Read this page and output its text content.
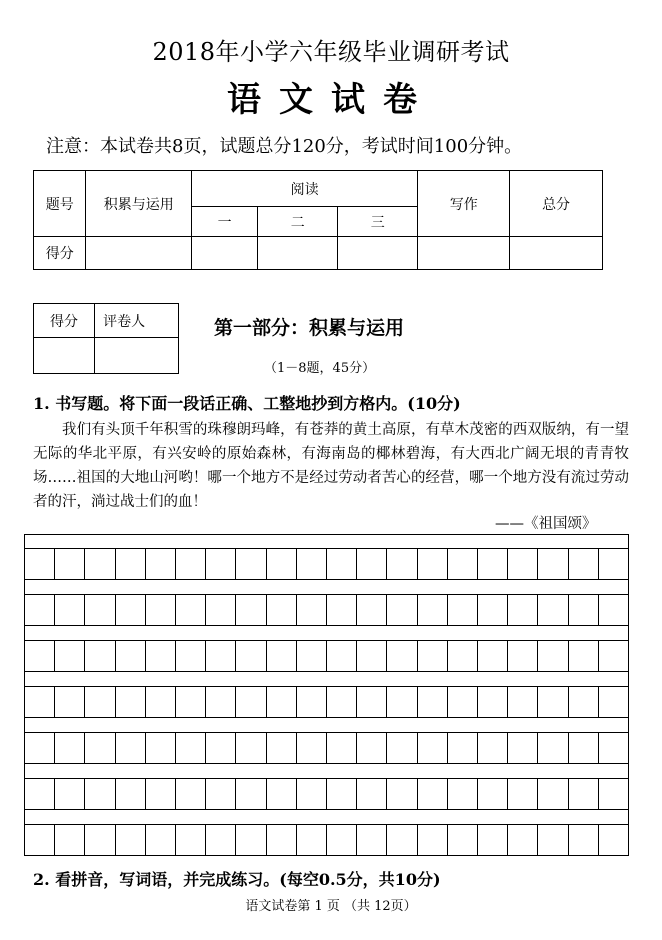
2018年小学六年级毕业调研考试
语文试卷
注意：本试卷共8页，试题总分120分，考试时间100分钟。
题号	积累与运用	阅读			写作	总分
		一	二	三		
得分						
得分	评卷人
		第一部分：积累与运用
（1－8题，45分）
1. 书写题。将下面一段话正确、工整地抄到方格内。(10分)
我们有头顶千年积雪的珠穆朗玛峰，有苍莽的黄土高原，有草木茂密的西双版纳，有一望无际的华北平原，有兴安岭的原始森林，有海南岛的椰林碧海，有大西北广阔无垠的青青牧场……祖国的大地山河哟！哪一个地方不是经过劳动者苦心的经营，哪一个地方没有流过劳动者的汗，淌过战士们的血！
——《祖国颂》
2. 看拼音，写词语，并完成练习。(每空0.5分，共10分)
语文试卷第 1 页 （共 12页）
